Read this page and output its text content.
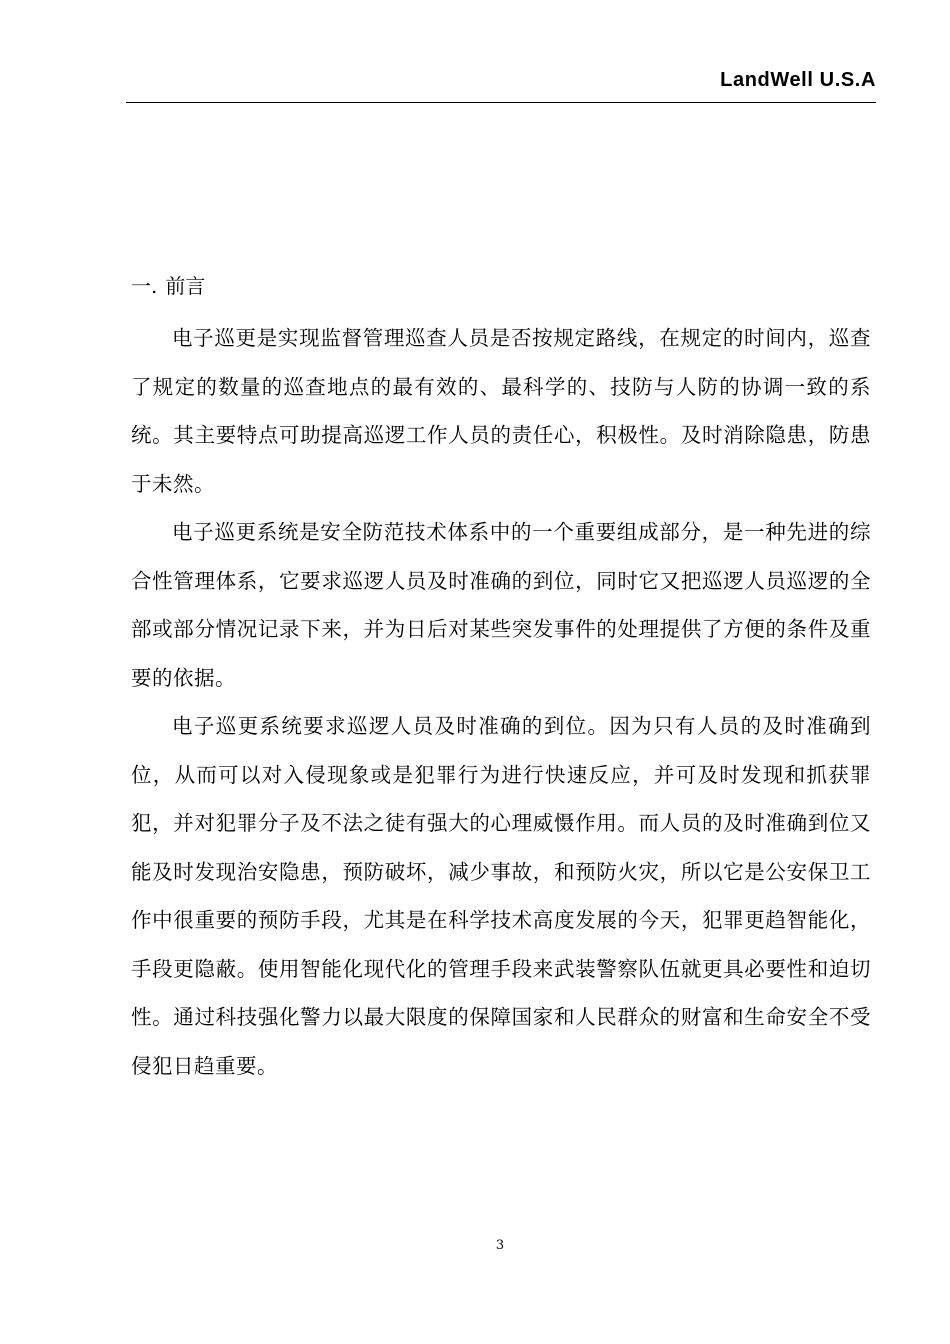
LandWell U.S.A
一. 前言

电子巡更是实现监督管理巡查人员是否按规定路线，在规定的时间内，巡查了规定的数量的巡查地点的最有效的、最科学的、技防与人防的协调一致的系统。其主要特点可助提高巡逻工作人员的责任心，积极性。及时消除隐患，防患于未然。

电子巡更系统是安全防范技术体系中的一个重要组成部分，是一种先进的综合性管理体系，它要求巡逻人员及时准确的到位，同时它又把巡逻人员巡逻的全部或部分情况记录下来，并为日后对某些突发事件的处理提供了方便的条件及重要的依据。

电子巡更系统要求巡逻人员及时准确的到位。因为只有人员的及时准确到位，从而可以对入侵现象或是犯罪行为进行快速反应，并可及时发现和抓获罪犯，并对犯罪分子及不法之徒有强大的心理威慑作用。而人员的及时准确到位又能及时发现治安隐患，预防破坏，减少事故，和预防火灾，所以它是公安保卫工作中很重要的预防手段，尤其是在科学技术高度发展的今天，犯罪更趋智能化，手段更隐蔽。使用智能化现代化的管理手段来武装警察队伍就更具必要性和迫切性。通过科技强化警力以最大限度的保障国家和人民群众的财富和生命安全不受侵犯日趋重要。

3
